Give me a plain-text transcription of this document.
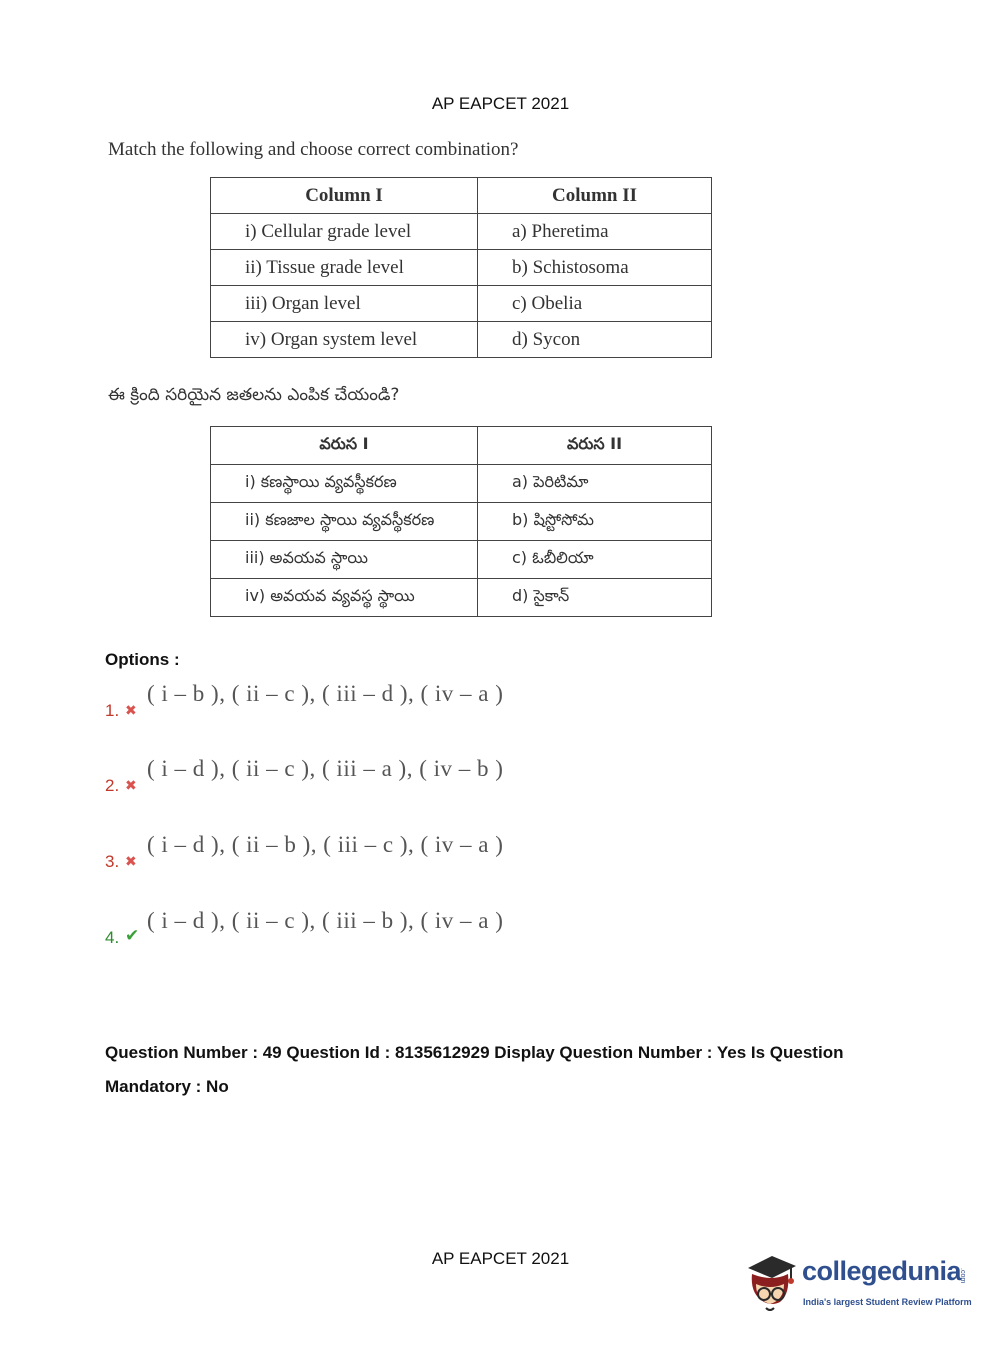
AP EAPCET 2021
Match the following and choose correct combination?
Column I	Column II
i) Cellular grade level	a) Pheretima
ii) Tissue grade level	b) Schistosoma
iii) Organ level	c) Obelia
iv) Organ system level	d) Sycon
ఈ క్రింది సరియైన జతలను ఎంపిక చేయండి?
వరుస I	వరుస II
i) కణస్థాయి వ్యవస్థీకరణ	a) పెరిటిమా
ii) కణజాల స్థాయి వ్యవస్థీకరణ	b) షిస్టోసోమ
iii) అవయవ స్థాయి	c) ఓబీలియా
iv) అవయవ వ్యవస్థ స్థాయి	d) సైకాన్
Options :
1. ✖
( i – b ), ( ii – c ), ( iii – d ), ( iv – a )
2. ✖
( i – d ), ( ii – c ), ( iii – a ), ( iv – b )
3. ✖
( i – d ), ( ii – b ), ( iii – c ), ( iv – a )
4. ✔
( i – d ), ( ii – c ), ( iii – b ), ( iv – a )
Question Number : 49 Question Id : 8135612929 Display Question Number : Yes Is Question Mandatory : No
AP EAPCET 2021	collegedunia
India's largest Student Review Platform
.com
